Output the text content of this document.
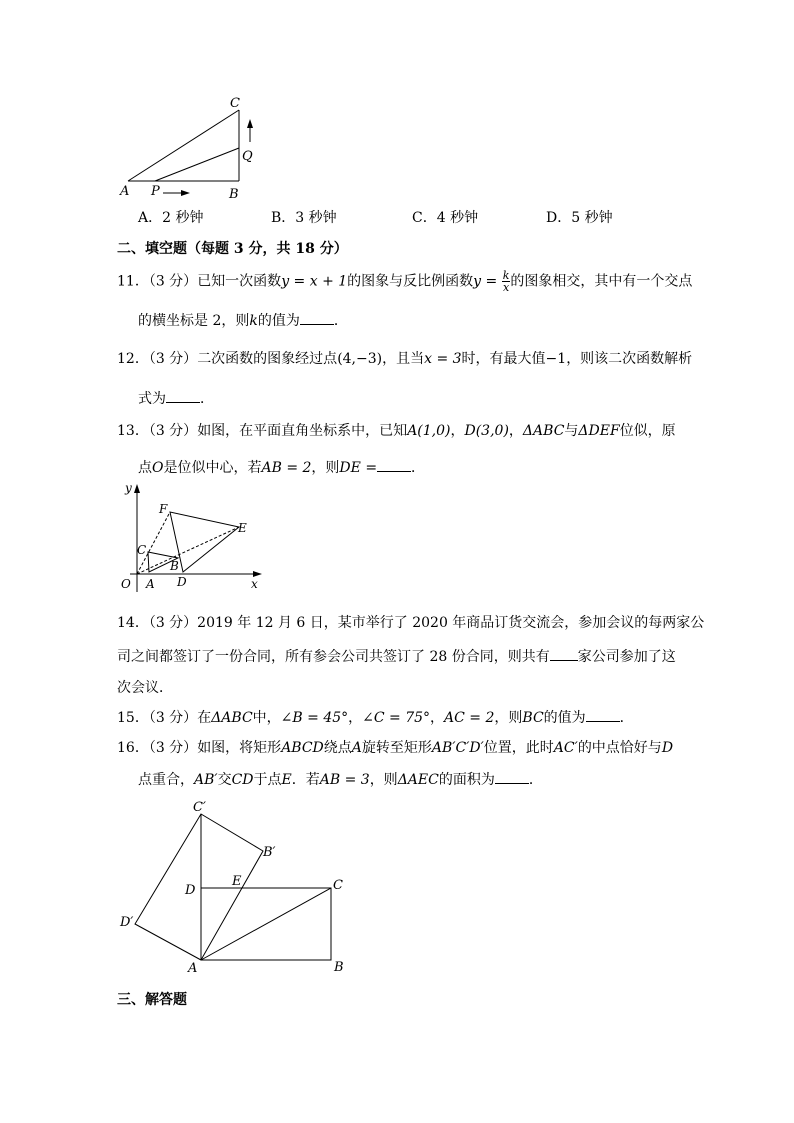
A P	B
C
Q
A．2 秒钟	B．3 秒钟	C．4 秒钟	D．5 秒钟
二、填空题（每题 3 分，共 18 分）
11．（3 分）已知一次函数y = x + 1的图象与反比例函数$y = \frac{k}{x}$ 的图象相交，其中有一个交点
的横坐标是 2，则k的值为 ．
12．（3 分）二次函数的图象经过点(4,−3)，且当x = 3时，有最大值−1，则该二次函数解析
式为 ．
13．（3 分）如图，在平面直角坐标系中，已知A(1,0)，D(3,0)，ΔABC与ΔDEF位似，原
点O是位似中心，若AB = 2，则DE = ．
y
x
O A D
B
C
F
E
14．（3 分）2019 年 12 月 6 日，某市举行了 2020 年商品订货交流会，参加会议的每两家公
司之间都签订了一份合同，所有参会公司共签订了 28 份合同，则共有 家公司参加了这
次会议．
15．（3 分）在ΔABC中，∠B = 45°，∠C = 75°，AC = 2，则BC的值为 ．
16．（3 分）如图，将矩形ABCD绕点A旋转至矩形AB′C′D′位置，此时AC′的中点恰好与D
点重合，AB′交CD于点E．若AB = 3，则ΔAEC的面积为 ．
C′
B′
D
E	C
D′
A	B
三、解答题
